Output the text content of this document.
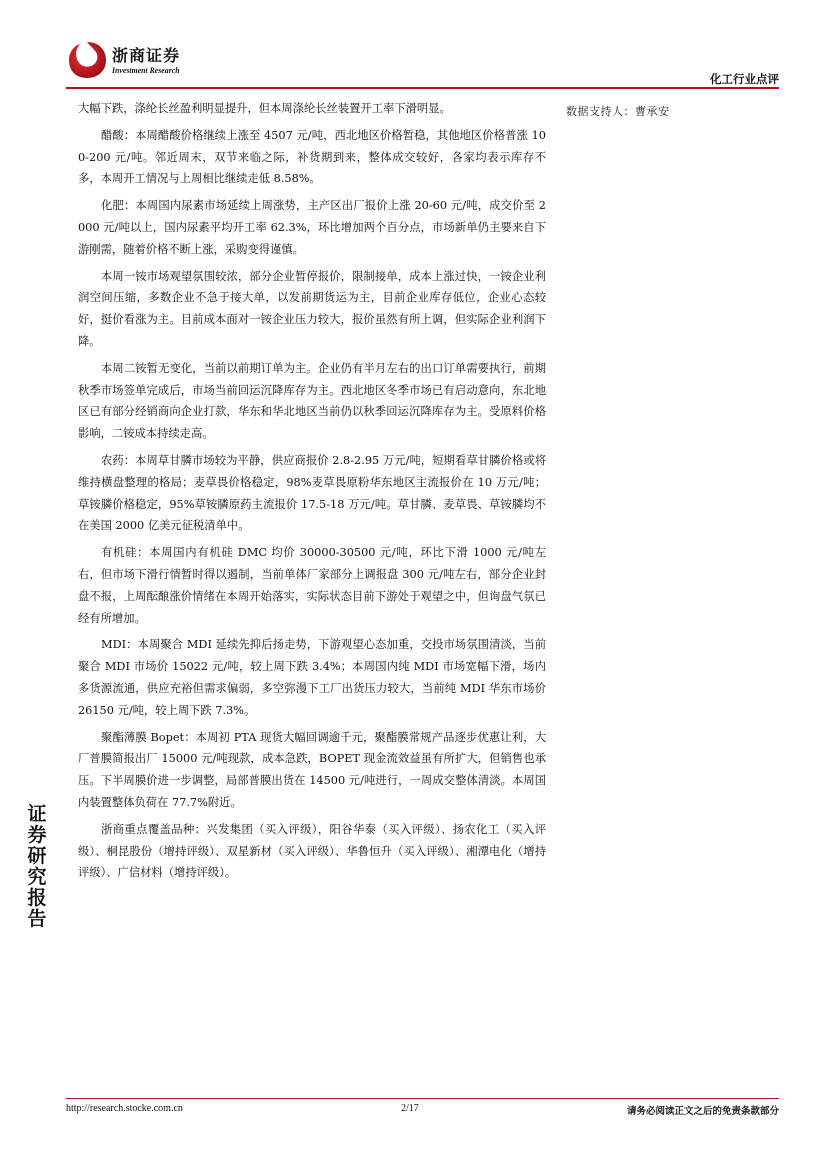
浙商证券
Investment Research
化工行业点评
数据支持人：曹承安
证券研究报告

大幅下跌，涤纶长丝盈利明显提升，但本周涤纶长丝装置开工率下滑明显。

醋酸：本周醋酸价格继续上涨至 4507 元/吨，西北地区价格暂稳，其他地区价格普涨 100-200 元/吨。邻近周末，双节来临之际，补货期到来，整体成交较好，各家均表示库存不多，本周开工情况与上周相比继续走低 8.58%。

化肥：本周国内尿素市场延续上周涨势，主产区出厂报价上涨 20-60 元/吨，成交价至 2000 元/吨以上，国内尿素平均开工率 62.3%，环比增加两个百分点，市场新单仍主要来自下游刚需，随着价格不断上涨，采购变得谨慎。

本周一铵市场观望氛围较浓，部分企业暂停报价，限制接单，成本上涨过快，一铵企业利润空间压缩，多数企业不急于接大单，以发前期货运为主，目前企业库存低位，企业心态较好，挺价看涨为主。目前成本面对一铵企业压力较大，报价虽然有所上调，但实际企业利润下降。

本周二铵暂无变化，当前以前期订单为主。企业仍有半月左右的出口订单需要执行，前期秋季市场签单完成后，市场当前回运沉降库存为主。西北地区冬季市场已有启动意向，东北地区已有部分经销商向企业打款，华东和华北地区当前仍以秋季回运沉降库存为主。受原料价格影响，二铵成本持续走高。

农药：本周草甘膦市场较为平静，供应商报价 2.8-2.95 万元/吨，短期看草甘膦价格或将维持横盘整理的格局；麦草畏价格稳定，98%麦草畏原粉华东地区主流报价在 10 万元/吨；草铵膦价格稳定，95%草铵膦原药主流报价 17.5-18 万元/吨。草甘膦、麦草畏、草铵膦均不在美国 2000 亿美元征税清单中。

有机硅：本周国内有机硅 DMC 均价 30000-30500 元/吨，环比下滑 1000 元/吨左右，但市场下滑行情暂时得以遏制，当前单体厂家部分上调报盘 300 元/吨左右，部分企业封盘不报，上周酝酿涨价情绪在本周开始落实，实际状态目前下游处于观望之中，但询盘气氛已经有所增加。

MDI：本周聚合 MDI 延续先抑后扬走势，下游观望心态加重，交投市场氛围清淡，当前聚合 MDI 市场价 15022 元/吨，较上周下跌 3.4%；本周国内纯 MDI 市场宽幅下滑，场内多货源流通，供应充裕但需求偏弱，多空弥漫下工厂出货压力较大，当前纯 MDI 华东市场价 26150 元/吨，较上周下跌 7.3%。

聚酯薄膜 Bopet：本周初 PTA 现货大幅回调逾千元，聚酯膜常规产品逐步优惠让利，大厂普膜简报出厂 15000 元/吨现款，成本急跌，BOPET 现金流效益虽有所扩大，但销售也承压。下半周膜价进一步调整，局部普膜出货在 14500 元/吨进行，一周成交整体清淡。本周国内装置整体负荷在 77.7%附近。

浙商重点覆盖品种：兴发集团（买入评级），阳谷华泰（买入评级）、扬农化工（买入评级）、桐昆股份（增持评级）、双星新材（买入评级）、华鲁恒升（买入评级）、湘潭电化（增持评级）、广信材料（增持评级）。

http://research.stocke.com.cn	2/17	请务必阅读正文之后的免责条款部分
